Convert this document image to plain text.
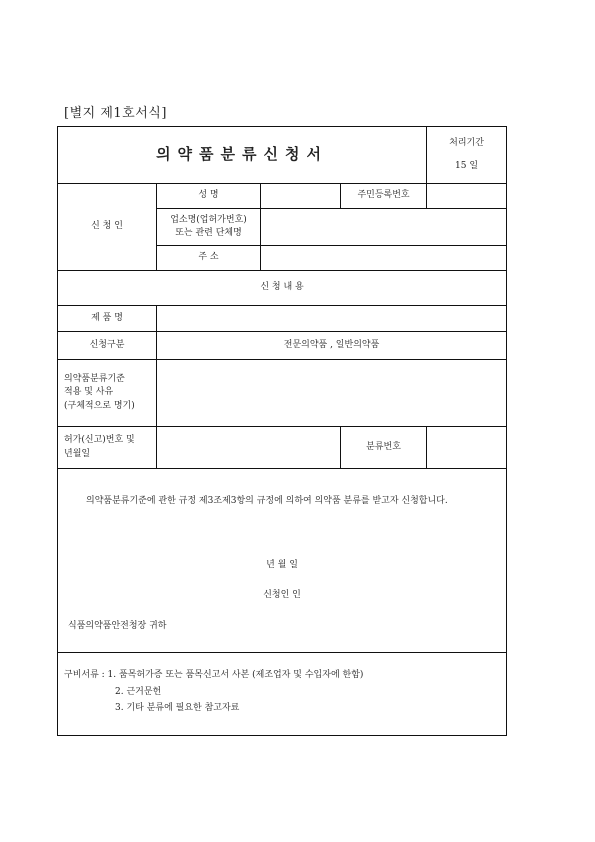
[별지 제1호서식]
의약품분류신청서				처리기간
15 일

신 청 인	성 명		주민등록번호	

	업소명(업허가번호)
또는 관련 단체명			

	주 소			
신 청 내 용				
제 품 명				
신청구분	전문의약품 , 일반의약품			

의약품분류기준
적용 및 사유
(구체적으로 명기)				

허가(신고)번호 및
년월일			분류번호	

의약품분류기준에 관한 규정 제3조제3항의 규정에 의하여 의약품 분류를 받고자 신청합니다.
년 월 일
신청인 인
식품의약품안전청장 귀하				

구비서류 : 1. 품목허가증 또는 품목신고서 사본 (제조업자 및 수입자에 한함)
2. 근거문헌
3. 기타 분류에 필요한 참고자료				
